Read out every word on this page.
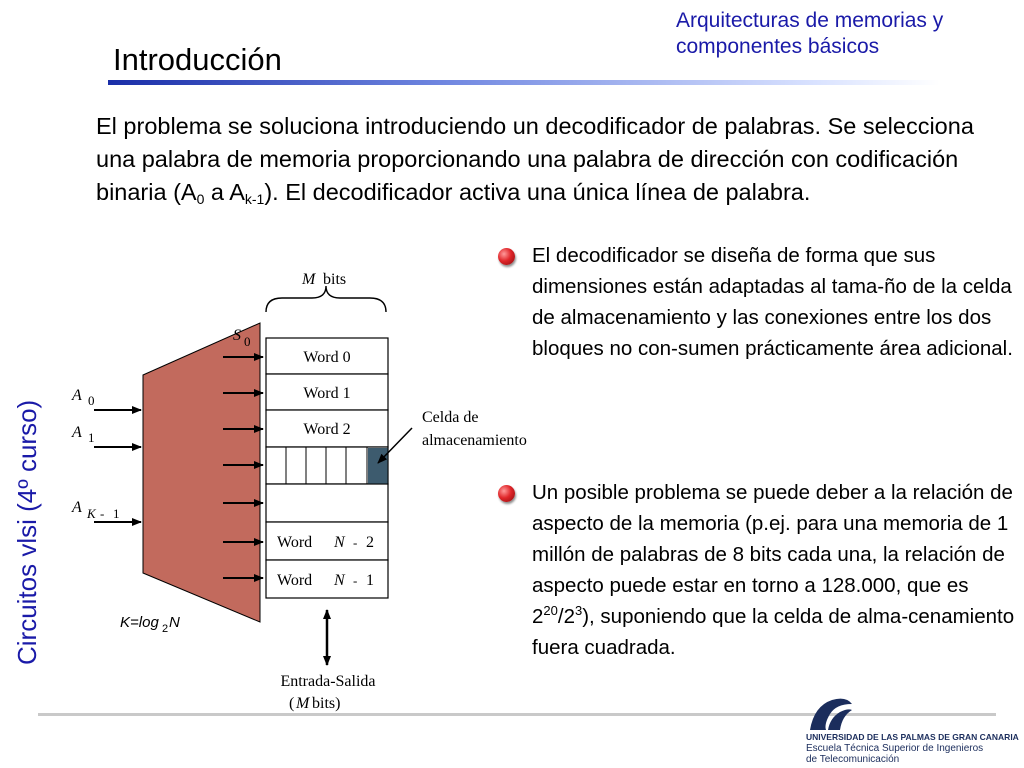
Arquitecturas de memorias y
componentes básicos
Introducción
Circuitos vlsi (4º curso)
El problema se soluciona introduciendo un decodificador de palabras. Se selecciona una palabra de memoria proporcionando una palabra de dirección con codificación binaria ($A_0$ a $A_{k-1}$). El decodificador activa una única línea de palabra.
El decodificador se diseña de forma que sus dimensiones están adaptadas al tama-ño de la celda de almacenamiento y las conexiones entre los dos bloques no con-sumen prácticamente área adicional.
Un posible problema se puede deber a la relación de aspecto de la memoria (p.ej. para una memoria de 1 millón de palabras de 8 bits cada una, la relación de aspecto puede estar en torno a 128.000, que es $2^{20}/2^3$), suponiendo que la celda de alma-cenamiento fuera cuadrada.
M bits
S 0
A 0
A 1
A K - 1
Word 0
Word 1
Word 2
Word N - 2
Word N - 1
Celda de
almacenamiento
K=log 2 N
Entrada-Salida
( M bits)
UNIVERSIDAD DE LAS PALMAS DE GRAN CANARIA
Escuela Técnica Superior de Ingenieros
de Telecomunicación
